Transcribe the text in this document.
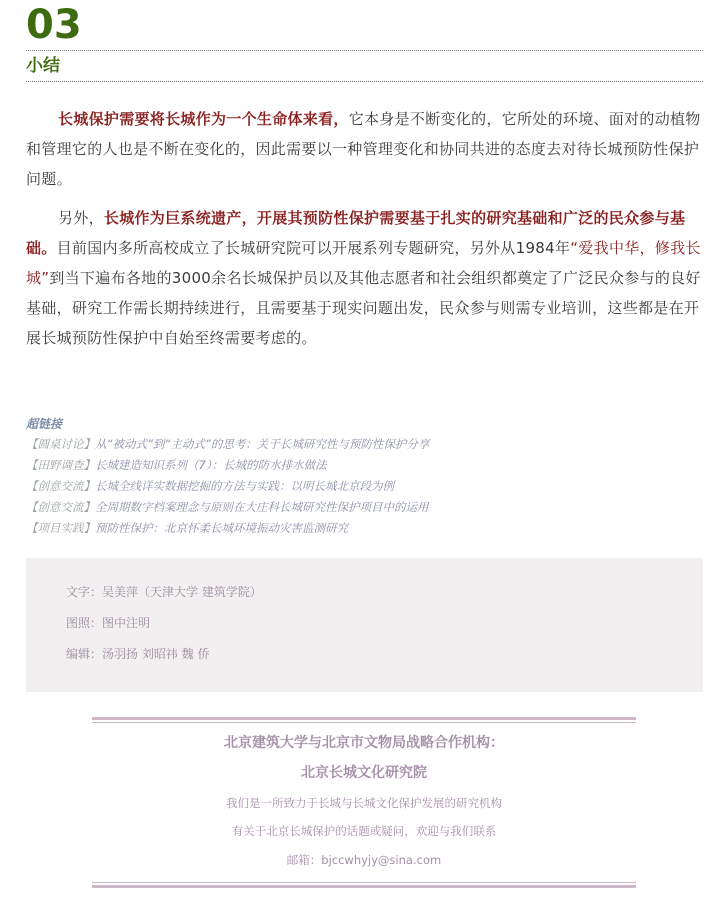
03
小结

长城保护需要将长城作为一个生命体来看，它本身是不断变化的，它所处的环境、面对的动植物和管理它的人也是不断在变化的，因此需要以一种管理变化和协同共进的态度去对待长城预防性保护问题。

另外，长城作为巨系统遗产，开展其预防性保护需要基于扎实的研究基础和广泛的民众参与基础。目前国内多所高校成立了长城研究院可以开展系列专题研究，另外从1984年“爱我中华，修我长城”到当下遍布各地的3000余名长城保护员以及其他志愿者和社会组织都奠定了广泛民众参与的良好基础，研究工作需长期持续进行，且需要基于现实问题出发，民众参与则需专业培训，这些都是在开展长城预防性保护中自始至终需要考虑的。

超链接
【圆桌讨论】从“被动式”到“主动式”的思考：关于长城研究性与预防性保护分享
【田野调查】长城建造知识系列（7）：长城的防水排水做法
【创意交流】长城全线详实数据挖掘的方法与实践：以明长城北京段为例
【创意交流】全周期数字档案理念与原则在大庄科长城研究性保护项目中的运用
【项目实践】预防性保护：北京怀柔长城环境振动灾害监测研究
文字：吴美萍（天津大学 建筑学院）
图照：图中注明
编辑：汤羽扬 刘昭祎 魏 侨
北京建筑大学与北京市文物局战略合作机构：
北京长城文化研究院
我们是一所致力于长城与长城文化保护发展的研究机构
有关于北京长城保护的话题或疑问，欢迎与我们联系
邮箱：bjccwhyjy@sina.com
